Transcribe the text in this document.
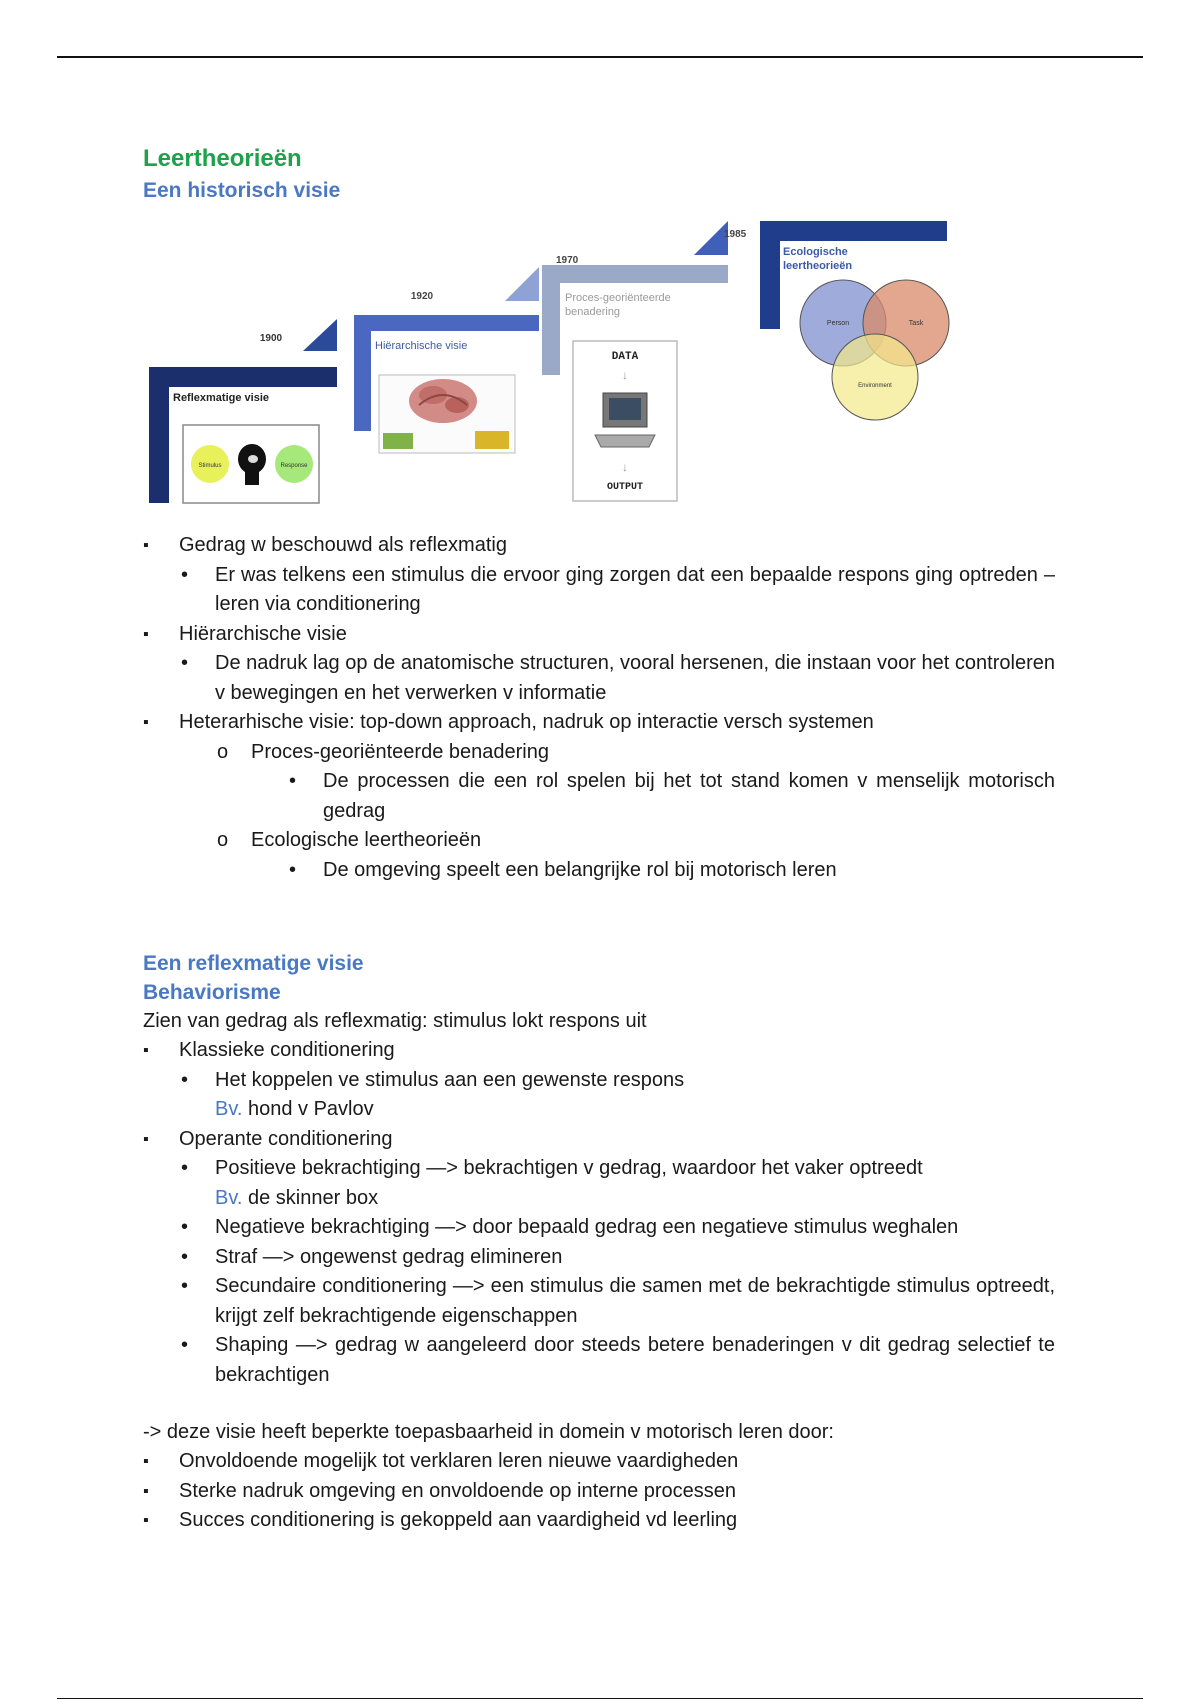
Leertheorieën
Een historisch visie
1900
Reflexmatige visie
Stimulus	Response
1920
Hiërarchische visie
1970
Proces-georiënteerde benadering
DATA
↓
↓
OUTPUT
1985
Ecologische leertheorieën
Person	Task
Environment
▪ Gedrag w beschouwd als reflexmatig
• Er was telkens een stimulus die ervoor ging zorgen dat een bepaalde respons ging optreden – leren via conditionering
▪ Hiërarchische visie
• De nadruk lag op de anatomische structuren, vooral hersenen, die instaan voor het controleren v bewegingen en het verwerken v informatie
▪ Heterarhische visie: top-down approach, nadruk op interactie versch systemen
o Proces-georiënteerde benadering
• De processen die een rol spelen bij het tot stand komen v menselijk motorisch gedrag
o Ecologische leertheorieën
• De omgeving speelt een belangrijke rol bij motorisch leren
Een reflexmatige visie
Behaviorisme
Zien van gedrag als reflexmatig: stimulus lokt respons uit
▪ Klassieke conditionering
• Het koppelen ve stimulus aan een gewenste respons
Bv. hond v Pavlov
▪ Operante conditionering
• Positieve bekrachtiging —> bekrachtigen v gedrag, waardoor het vaker optreedt
Bv. de skinner box
• Negatieve bekrachtiging —> door bepaald gedrag een negatieve stimulus weghalen
• Straf —> ongewenst gedrag elimineren
• Secundaire conditionering —> een stimulus die samen met de bekrachtigde stimulus optreedt, krijgt zelf bekrachtigende eigenschappen
• Shaping —> gedrag w aangeleerd door steeds betere benaderingen v dit gedrag selectief te bekrachtigen
-> deze visie heeft beperkte toepasbaarheid in domein v motorisch leren door:
▪ Onvoldoende mogelijk tot verklaren leren nieuwe vaardigheden
▪ Sterke nadruk omgeving en onvoldoende op interne processen
▪ Succes conditionering is gekoppeld aan vaardigheid vd leerling
